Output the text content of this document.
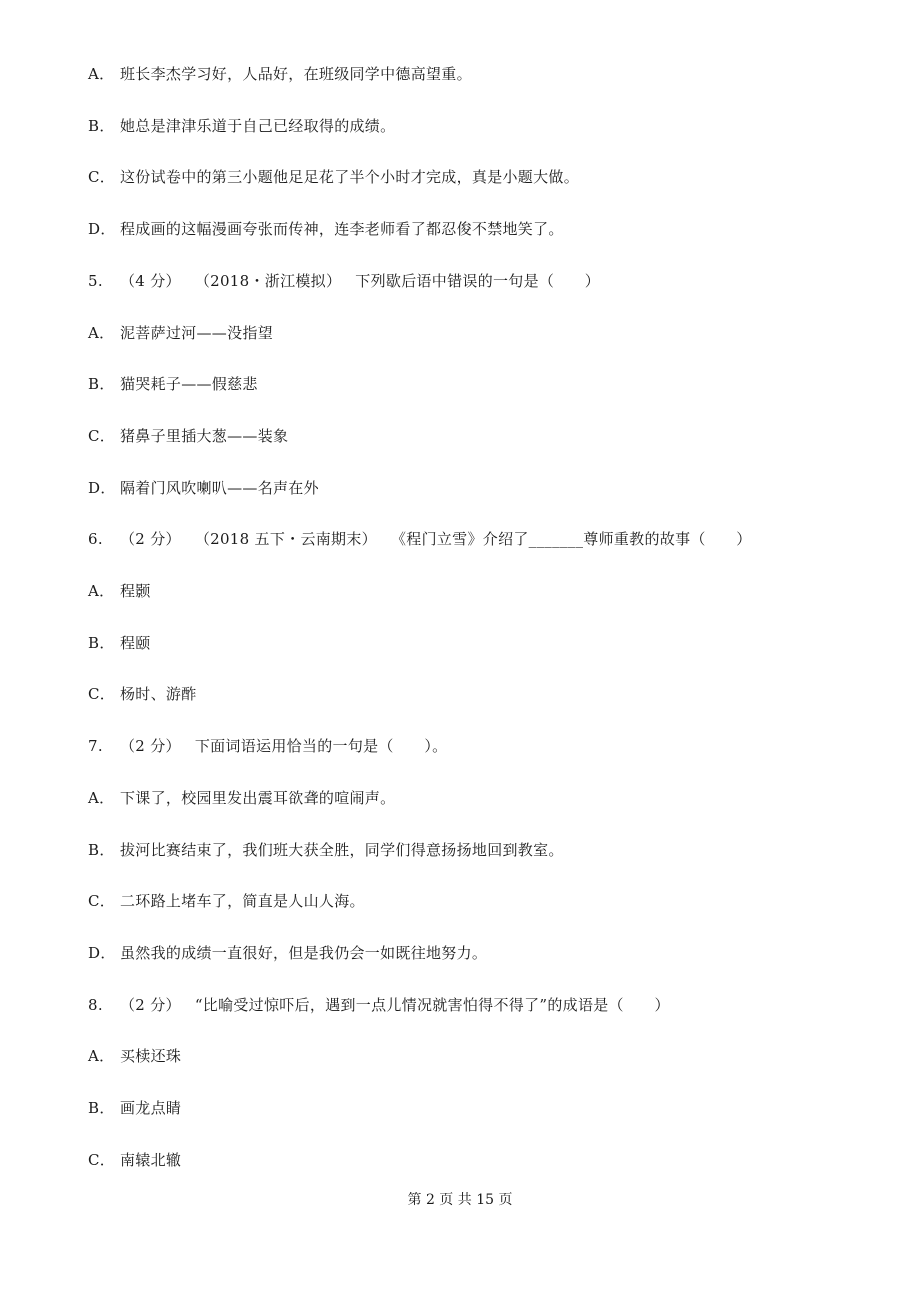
A． 班长李杰学习好，人品好，在班级同学中德高望重。
B． 她总是津津乐道于自己已经取得的成绩。
C． 这份试卷中的第三小题他足足花了半个小时才完成，真是小题大做。
D． 程成画的这幅漫画夸张而传神，连李老师看了都忍俊不禁地笑了。
5. （4 分） （2018・浙江模拟） 下列歇后语中错误的一句是（　　）
A． 泥菩萨过河——没指望
B． 猫哭耗子——假慈悲
C． 猪鼻子里插大葱——装象
D． 隔着门风吹喇叭——名声在外
6. （2 分） （2018 五下・云南期末） 《程门立雪》介绍了_______尊师重教的故事（　　）
A． 程颢
B． 程颐
C． 杨时、游酢
7. （2 分） 下面词语运用恰当的一句是（　　）。
A． 下课了，校园里发出震耳欲聋的喧闹声。
B． 拔河比赛结束了，我们班大获全胜，同学们得意扬扬地回到教室。
C． 二环路上堵车了，简直是人山人海。
D． 虽然我的成绩一直很好，但是我仍会一如既往地努力。
8. （2 分） “比喻受过惊吓后，遇到一点儿情况就害怕得不得了”的成语是（　　）
A． 买椟还珠
B． 画龙点睛
C． 南辕北辙
第 2 页 共 15 页
